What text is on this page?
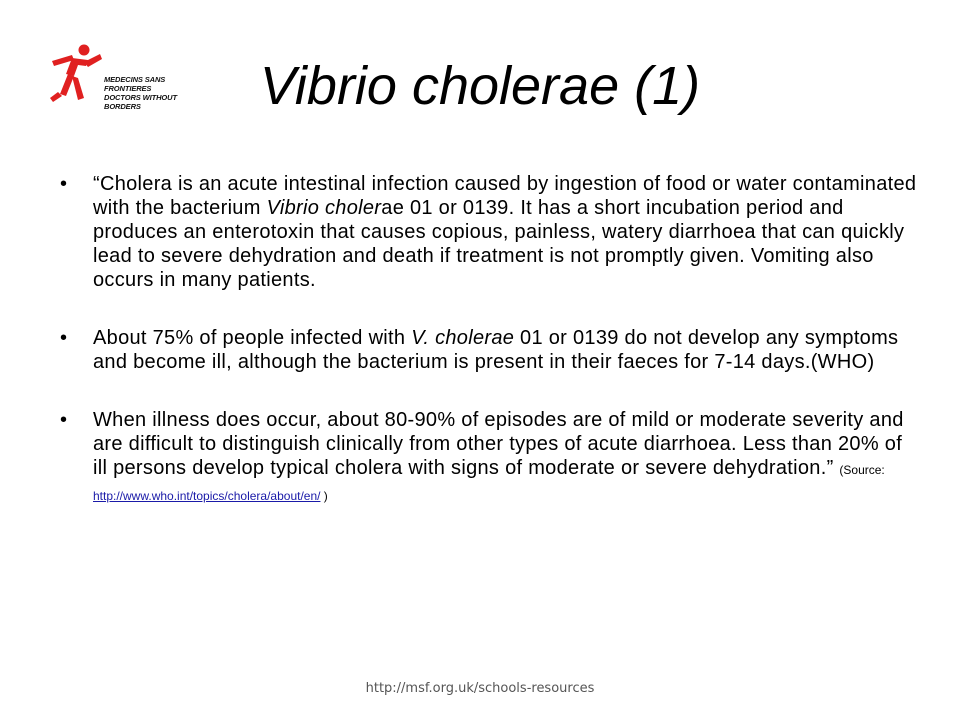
MEDECINS SANS FRONTIERES
DOCTORS WITHOUT BORDERS	Vibrio cholerae (1)
• “Cholera is an acute intestinal infection caused by ingestion of food or water contaminated with the bacterium Vibrio cholerae 01 or 0139. It has a short incubation period and produces an enterotoxin that causes copious, painless, watery diarrhoea that can quickly lead to severe dehydration and death if treatment is not promptly given. Vomiting also occurs in many patients.
• About 75% of people infected with V. cholerae 01 or 0139 do not develop any symptoms and become ill, although the bacterium is present in their faeces for 7-14 days.(WHO)
• When illness does occur, about 80-90% of episodes are of mild or moderate severity and are difficult to distinguish clinically from other types of acute diarrhoea. Less than 20% of ill persons develop typical cholera with signs of moderate or severe dehydration.” (Source:
http://www.who.int/topics/cholera/about/en/ )
http://msf.org.uk/schools-resources
